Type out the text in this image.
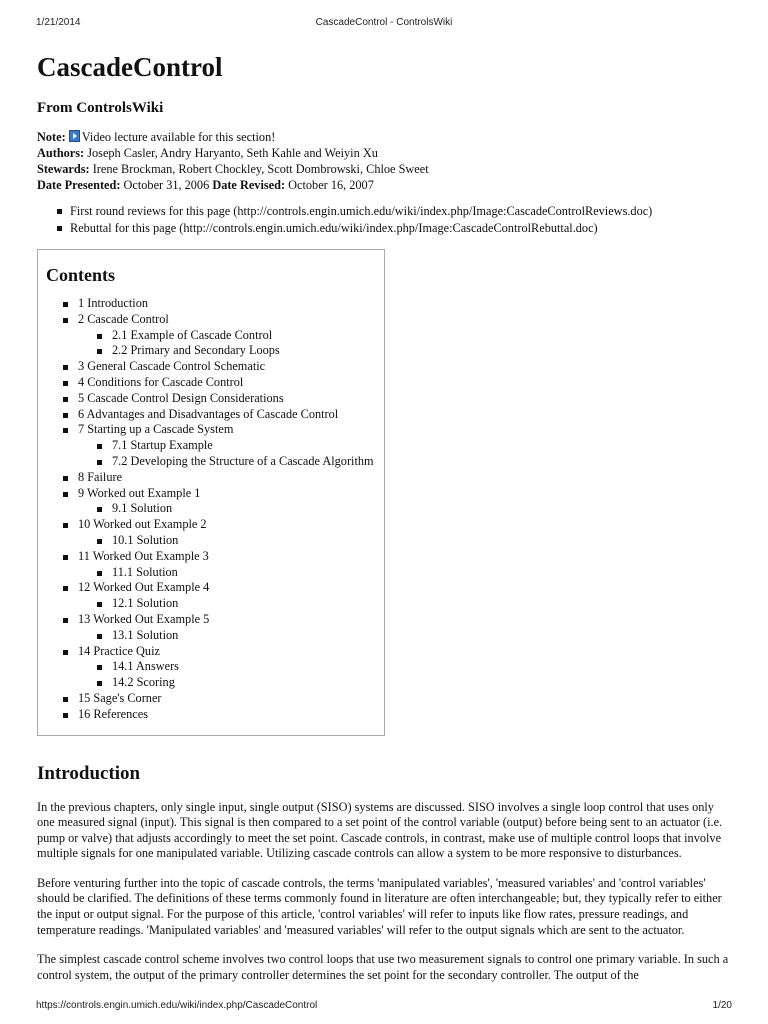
1/21/2014	CascadeControl - ControlsWiki
CascadeControl
From ControlsWiki
Note: Video lecture available for this section!
Authors: Joseph Casler, Andry Haryanto, Seth Kahle and Weiyin Xu
Stewards: Irene Brockman, Robert Chockley, Scott Dombrowski, Chloe Sweet
Date Presented: October 31, 2006 Date Revised: October 16, 2007
First round reviews for this page (http://controls.engin.umich.edu/wiki/index.php/Image:CascadeControlReviews.doc)
Rebuttal for this page (http://controls.engin.umich.edu/wiki/index.php/Image:CascadeControlRebuttal.doc)
Contents
1 Introduction
2 Cascade Control
2.1 Example of Cascade Control
2.2 Primary and Secondary Loops
3 General Cascade Control Schematic
4 Conditions for Cascade Control
5 Cascade Control Design Considerations
6 Advantages and Disadvantages of Cascade Control
7 Starting up a Cascade System
7.1 Startup Example
7.2 Developing the Structure of a Cascade Algorithm
8 Failure
9 Worked out Example 1
9.1 Solution
10 Worked out Example 2
10.1 Solution
11 Worked Out Example 3
11.1 Solution
12 Worked Out Example 4
12.1 Solution
13 Worked Out Example 5
13.1 Solution
14 Practice Quiz
14.1 Answers
14.2 Scoring
15 Sage's Corner
16 References
Introduction

In the previous chapters, only single input, single output (SISO) systems are discussed. SISO involves a single loop control that uses only one measured signal (input). This signal is then compared to a set point of the control variable (output) before being sent to an actuator (i.e. pump or valve) that adjusts accordingly to meet the set point. Cascade controls, in contrast, make use of multiple control loops that involve multiple signals for one manipulated variable. Utilizing cascade controls can allow a system to be more responsive to disturbances.

Before venturing further into the topic of cascade controls, the terms 'manipulated variables', 'measured variables' and 'control variables' should be clarified. The definitions of these terms commonly found in literature are often interchangeable; but, they typically refer to either the input or output signal. For the purpose of this article, 'control variables' will refer to inputs like flow rates, pressure readings, and temperature readings. 'Manipulated variables' and 'measured variables' will refer to the output signals which are sent to the actuator.

The simplest cascade control scheme involves two control loops that use two measurement signals to control one primary variable. In such a control system, the output of the primary controller determines the set point for the secondary controller. The output of the

https://controls.engin.umich.edu/wiki/index.php/CascadeControl	1/20
